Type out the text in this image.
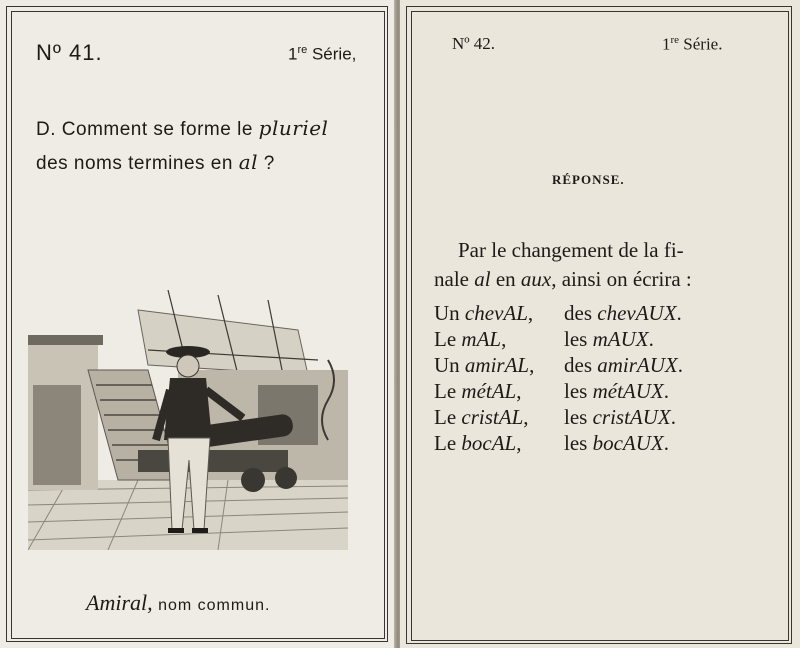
Nº 41.	1re Série,
D. Comment se forme le pluriel
des noms termines en al ?
Amiral, nom commun.
Nº 42.	1re Série.
RÉPONSE.
Par le changement de la fi-
nale al en aux, ainsi on écrira :
Un chevAL, des chevAUX.
Le mAL,	les mAUX.
Un amirAL, des amirAUX.
Le métAL, les métAUX.
Le cristAL, les cristAUX.
Le bocAL, les bocAUX.
